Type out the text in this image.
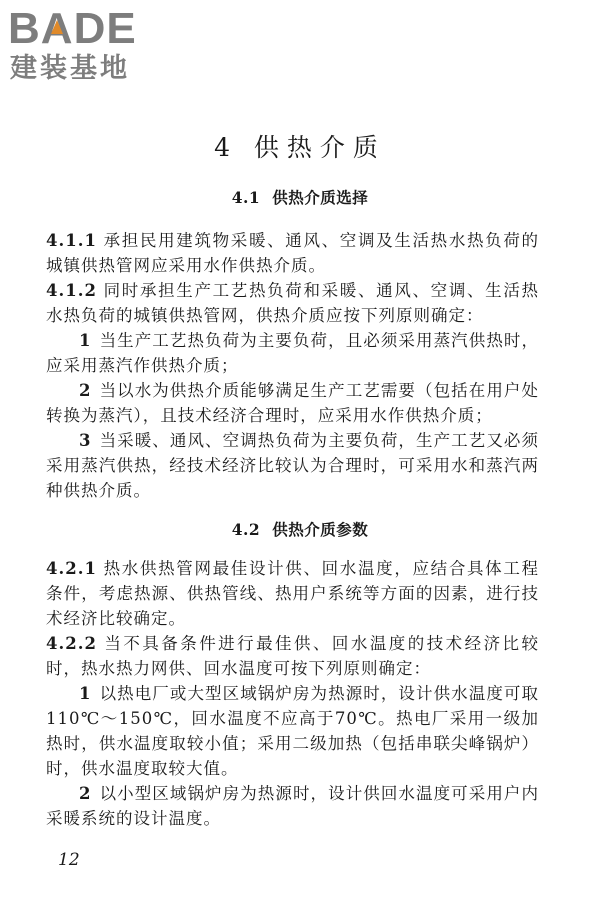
BA
DE
建装基地
4 供热介质
4.1 供热介质选择
4.1.1 承担民用建筑物采暖、通风、空调及生活热水热负荷的城镇供热管网应采用水作供热介质。
4.1.2 同时承担生产工艺热负荷和采暖、通风、空调、生活热水热负荷的城镇供热管网，供热介质应按下列原则确定：
1 当生产工艺热负荷为主要负荷，且必须采用蒸汽供热时，应采用蒸汽作供热介质；
2 当以水为供热介质能够满足生产工艺需要（包括在用户处转换为蒸汽），且技术经济合理时，应采用水作供热介质；
3 当采暖、通风、空调热负荷为主要负荷，生产工艺又必须采用蒸汽供热，经技术经济比较认为合理时，可采用水和蒸汽两种供热介质。
4.2 供热介质参数
4.2.1 热水供热管网最佳设计供、回水温度，应结合具体工程条件，考虑热源、供热管线、热用户系统等方面的因素，进行技术经济比较确定。
4.2.2 当不具备条件进行最佳供、回水温度的技术经济比较时，热水热力网供、回水温度可按下列原则确定：
1 以热电厂或大型区域锅炉房为热源时，设计供水温度可取110℃～150℃，回水温度不应高于70℃。热电厂采用一级加热时，供水温度取较小值；采用二级加热（包括串联尖峰锅炉）时，供水温度取较大值。
2 以小型区域锅炉房为热源时，设计供回水温度可采用户内采暖系统的设计温度。
12
